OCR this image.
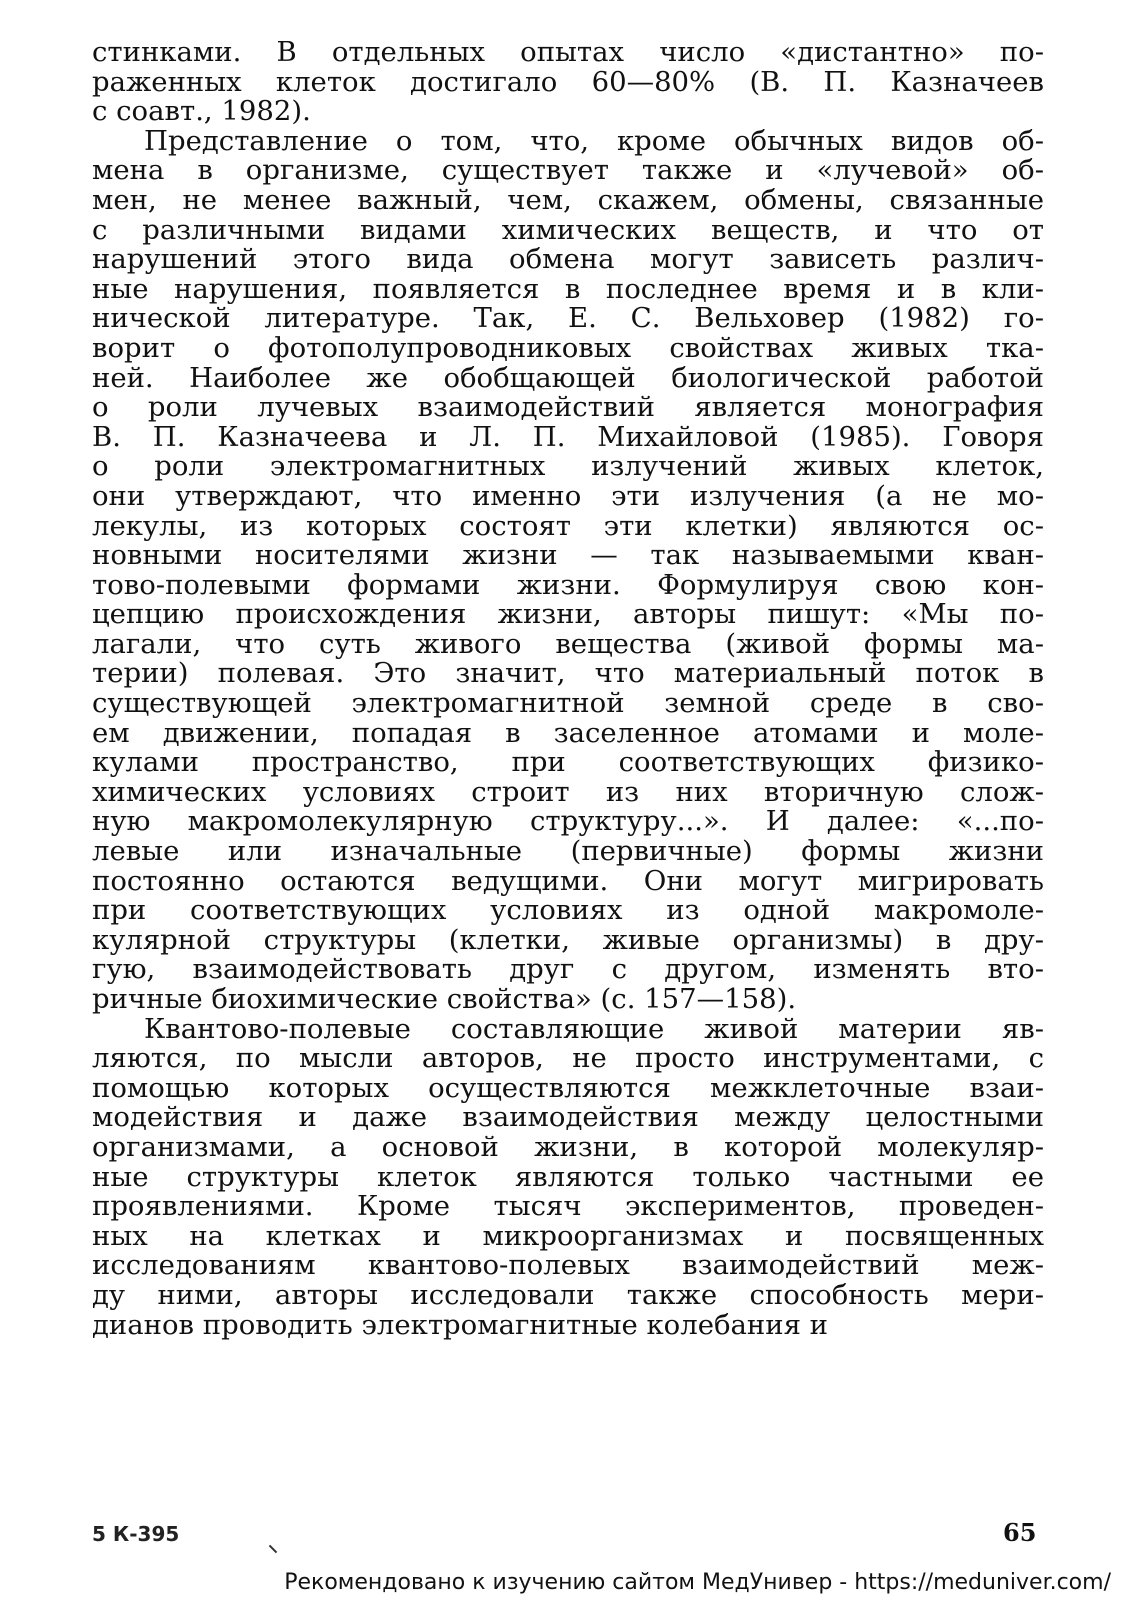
стинками. В отдельных опытах число «дистантно» по-
раженных клеток достигало 60—80% (В. П. Казначеев
с соавт., 1982).
Представление о том, что, кроме обычных видов об-
мена в организме, существует также и «лучевой» об-
мен, не менее важный, чем, скажем, обмены, связанные
с различными видами химических веществ, и что от
нарушений этого вида обмена могут зависеть различ-
ные нарушения, появляется в последнее время и в кли-
нической литературе. Так, Е. С. Вельховер (1982) го-
ворит о фотополупроводниковых свойствах живых тка-
ней. Наиболее же обобщающей биологической работой
о роли лучевых взаимодействий является монография
В. П. Казначеева и Л. П. Михайловой (1985). Говоря
о роли электромагнитных излучений живых клеток,
они утверждают, что именно эти излучения (а не мо-
лекулы, из которых состоят эти клетки) являются ос-
новными носителями жизни — так называемыми кван-
тово-полевыми формами жизни. Формулируя свою кон-
цепцию происхождения жизни, авторы пишут: «Мы по-
лагали, что суть живого вещества (живой формы ма-
терии) полевая. Это значит, что материальный поток в
существующей электромагнитной земной среде в сво-
ем движении, попадая в заселенное атомами и моле-
кулами пространство, при соответствующих физико-
химических условиях строит из них вторичную слож-
ную макромолекулярную структуру...». И далее: «...по-
левые или изначальные (первичные) формы жизни
постоянно остаются ведущими. Они могут мигрировать
при соответствующих условиях из одной макромоле-
кулярной структуры (клетки, живые организмы) в дру-
гую, взаимодействовать друг с другом, изменять вто-
ричные биохимические свойства» (с. 157—158).
Квантово-полевые составляющие живой материи яв-
ляются, по мысли авторов, не просто инструментами, с
помощью которых осуществляются межклеточные взаи-
модействия и даже взаимодействия между целостными
организмами, а основой жизни, в которой молекуляр-
ные структуры клеток являются только частными ее
проявлениями. Кроме тысяч экспериментов, проведен-
ных на клетках и микроорганизмах и посвященных
исследованиям квантово-полевых взаимодействий меж-
ду ними, авторы исследовали также способность мери-
дианов проводить электромагнитные колебания и
5 К-395	65
Рекомендовано к изучению сайтом МедУнивер - https://meduniver.com/
